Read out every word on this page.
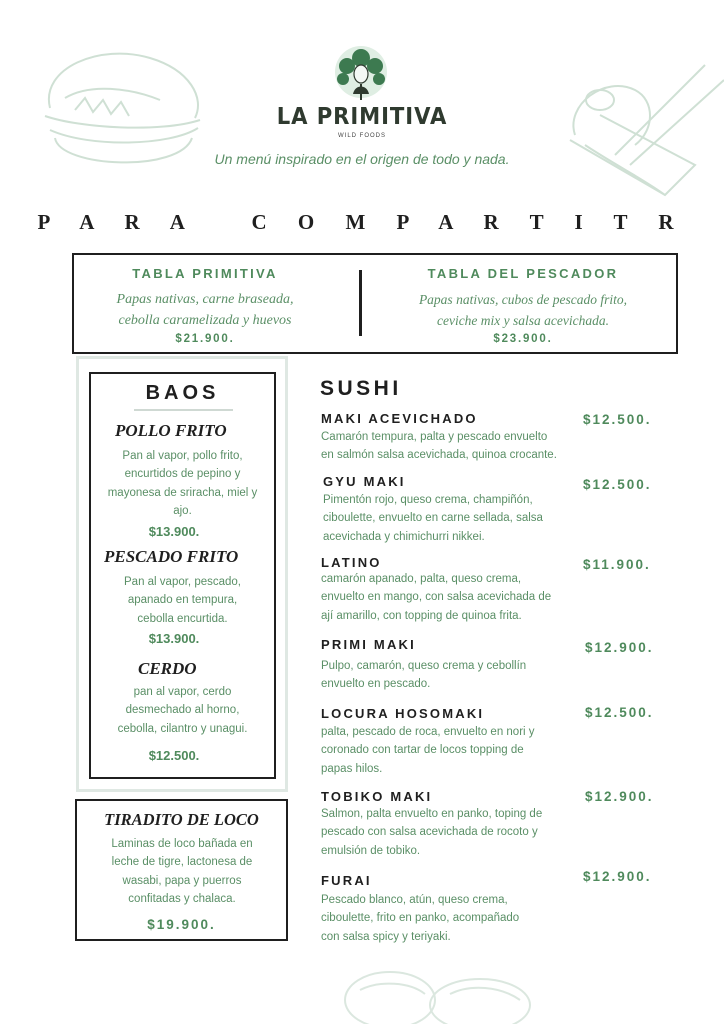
LA PRIMITIVA
WILD FOODS
Un menú inspirado en el origen de todo y nada.
P A R A   C O M P A R T I T R
TABLA PRIMITIVA
Papas nativas, carne braseada,
cebolla caramelizada y huevos
$21.900.
TABLA DEL PESCADOR
Papas nativas, cubos de pescado frito,
ceviche mix y salsa acevichada.
$23.900.
BAOS
POLLO FRITO
Pan al vapor, pollo frito,
encurtidos de pepino y
mayonesa de sriracha, miel y
ajo.
$13.900.
PESCADO FRITO
Pan al vapor, pescado,
apanado en tempura,
cebolla encurtida.
$13.900.
CERDO
pan al vapor, cerdo
desmechado al horno,
cebolla, cilantro y unagui.
$12.500.
TIRADITO DE LOCO
Laminas de loco bañada en
leche de tigre, lactonesa de
wasabi, papa y puerros
confitadas y chalaca.
$19.900.
SUSHI
MAKI ACEVICHADO	$12.500.
Camarón tempura, palta y pescado envuelto
en salmón salsa acevichada, quinoa crocante.
GYU MAKI	$12.500.
Pimentón rojo, queso crema, champiñón,
ciboulette, envuelto en carne sellada, salsa
acevichada y chimichurri nikkei.
LATINO	$11.900.
camarón apanado, palta, queso crema,
envuelto en mango, con salsa acevichada de
ají amarillo, con topping de quinoa frita.
PRIMI MAKI	$12.900.
Pulpo, camarón, queso crema y cebollín
envuelto en pescado.
LOCURA HOSOMAKI	$12.500.
palta, pescado de roca, envuelto en nori y
coronado con tartar de locos topping de
papas hilos.
TOBIKO MAKI	$12.900.
Salmon, palta envuelto en panko, toping de
pescado con salsa acevichada de rocoto y
emulsión de tobiko.
FURAI	$12.900.
Pescado blanco, atún, queso crema,
ciboulette, frito en panko, acompañado
con salsa spicy y teriyaki.
